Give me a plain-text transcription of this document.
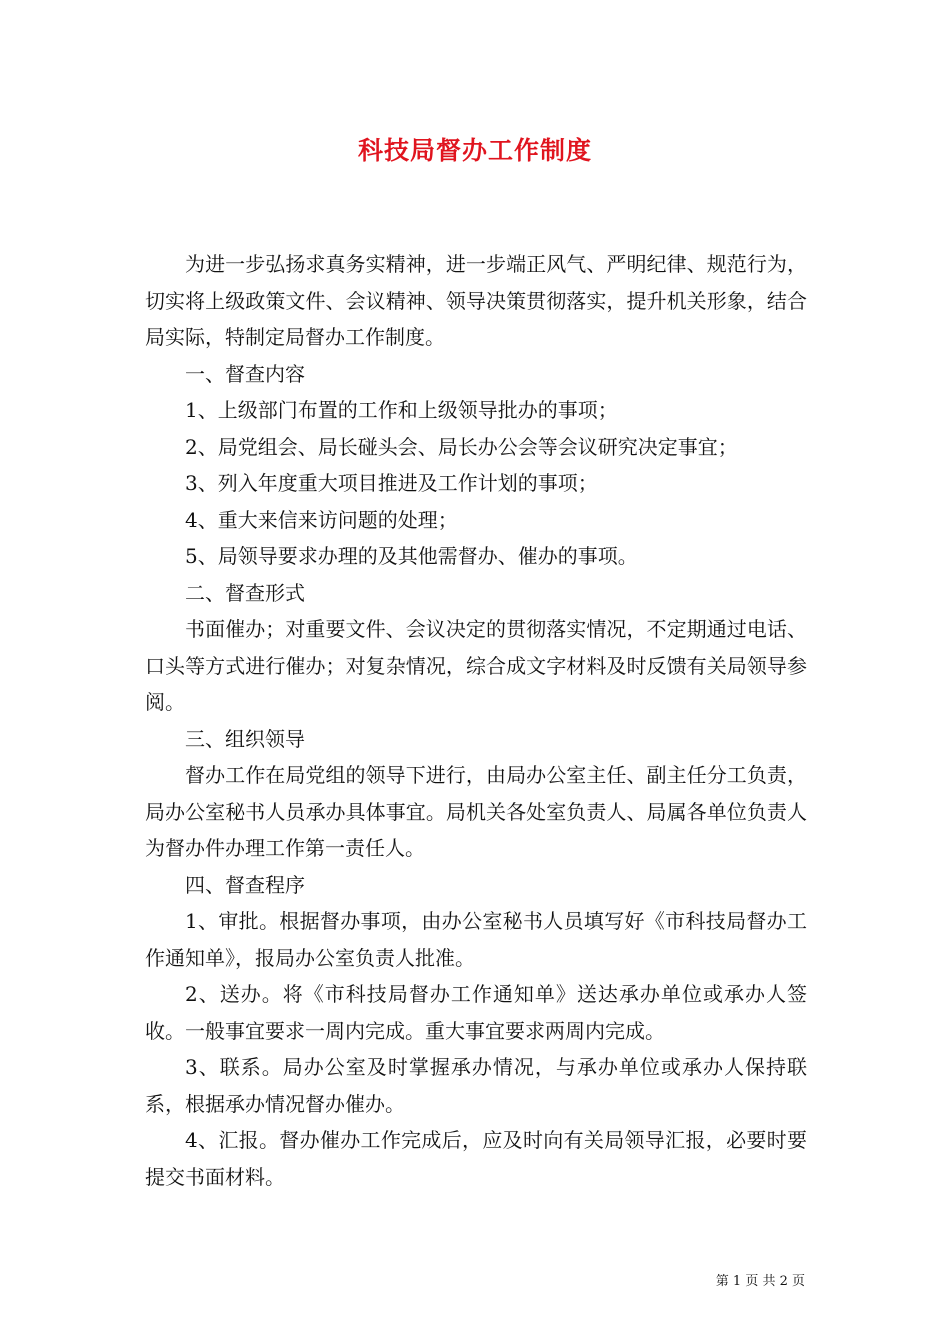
科技局督办工作制度

为进一步弘扬求真务实精神，进一步端正风气、严明纪律、规范行为，切实将上级政策文件、会议精神、领导决策贯彻落实，提升机关形象，结合局实际，特制定局督办工作制度。

一、督查内容

1、上级部门布置的工作和上级领导批办的事项；

2、局党组会、局长碰头会、局长办公会等会议研究决定事宜；

3、列入年度重大项目推进及工作计划的事项；

4、重大来信来访问题的处理；

5、局领导要求办理的及其他需督办、催办的事项。

二、督查形式

书面催办；对重要文件、会议决定的贯彻落实情况，不定期通过电话、口头等方式进行催办；对复杂情况，综合成文字材料及时反馈有关局领导参阅。

三、组织领导

督办工作在局党组的领导下进行，由局办公室主任、副主任分工负责，局办公室秘书人员承办具体事宜。局机关各处室负责人、局属各单位负责人为督办件办理工作第一责任人。

四、督查程序

1、审批。根据督办事项，由办公室秘书人员填写好《市科技局督办工作通知单》，报局办公室负责人批准。

2、送办。将《市科技局督办工作通知单》送达承办单位或承办人签收。一般事宜要求一周内完成。重大事宜要求两周内完成。

3、联系。局办公室及时掌握承办情况，与承办单位或承办人保持联系，根据承办情况督办催办。

4、汇报。督办催办工作完成后，应及时向有关局领导汇报，必要时要提交书面材料。

第 1 页 共 2 页
